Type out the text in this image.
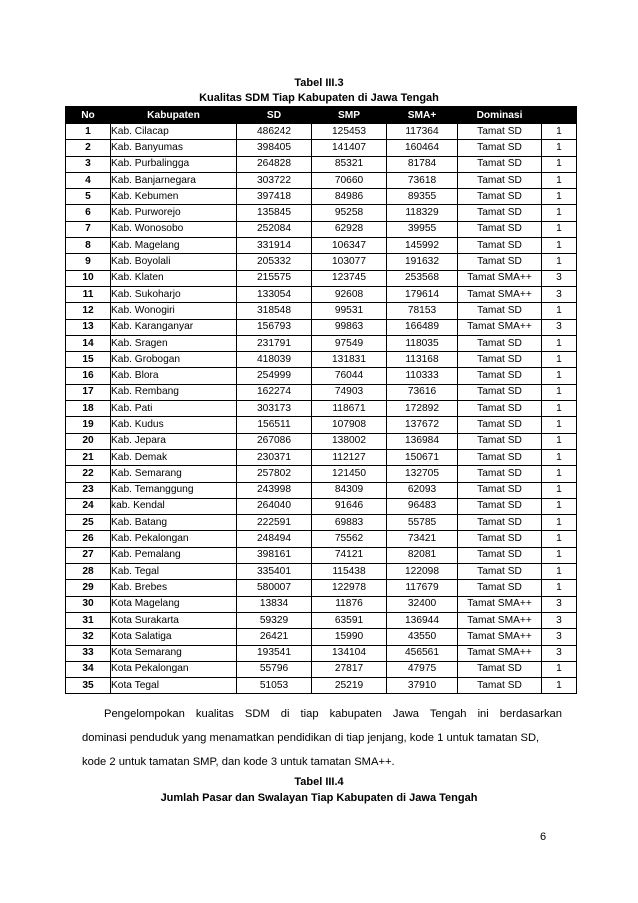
Tabel III.3
Kualitas SDM Tiap Kabupaten di Jawa Tengah
No	Kabupaten	SD	SMP	SMA+	Dominasi	
1	Kab. Cilacap	486242	125453	117364	Tamat SD	1
2	Kab. Banyumas	398405	141407	160464	Tamat SD	1
3	Kab. Purbalingga	264828	85321	81784	Tamat SD	1
4	Kab. Banjarnegara	303722	70660	73618	Tamat SD	1
5	Kab. Kebumen	397418	84986	89355	Tamat SD	1
6	Kab. Purworejo	135845	95258	118329	Tamat SD	1
7	Kab. Wonosobo	252084	62928	39955	Tamat SD	1
8	Kab. Magelang	331914	106347	145992	Tamat SD	1
9	Kab. Boyolali	205332	103077	191632	Tamat SD	1
10	Kab. Klaten	215575	123745	253568	Tamat SMA++	3
11	Kab. Sukoharjo	133054	92608	179614	Tamat SMA++	3
12	Kab. Wonogiri	318548	99531	78153	Tamat SD	1
13	Kab. Karanganyar	156793	99863	166489	Tamat SMA++	3
14	Kab. Sragen	231791	97549	118035	Tamat SD	1
15	Kab. Grobogan	418039	131831	113168	Tamat SD	1
16	Kab. Blora	254999	76044	110333	Tamat SD	1
17	Kab. Rembang	162274	74903	73616	Tamat SD	1
18	Kab. Pati	303173	118671	172892	Tamat SD	1
19	Kab. Kudus	156511	107908	137672	Tamat SD	1
20	Kab. Jepara	267086	138002	136984	Tamat SD	1
21	Kab. Demak	230371	112127	150671	Tamat SD	1
22	Kab. Semarang	257802	121450	132705	Tamat SD	1
23	Kab. Temanggung	243998	84309	62093	Tamat SD	1
24	kab. Kendal	264040	91646	96483	Tamat SD	1
25	Kab. Batang	222591	69883	55785	Tamat SD	1
26	Kab. Pekalongan	248494	75562	73421	Tamat SD	1
27	Kab. Pemalang	398161	74121	82081	Tamat SD	1
28	Kab. Tegal	335401	115438	122098	Tamat SD	1
29	Kab. Brebes	580007	122978	117679	Tamat SD	1
30	Kota Magelang	13834	11876	32400	Tamat SMA++	3
31	Kota Surakarta	59329	63591	136944	Tamat SMA++	3
32	Kota Salatiga	26421	15990	43550	Tamat SMA++	3
33	Kota Semarang	193541	134104	456561	Tamat SMA++	3
34	Kota Pekalongan	55796	27817	47975	Tamat SD	1
35	Kota Tegal	51053	25219	37910	Tamat SD	1

Pengelompokan kualitas SDM di tiap kabupaten Jawa Tengah ini berdasarkan

dominasi penduduk yang menamatkan pendidikan di tiap jenjang, kode 1 untuk tamatan SD,

kode 2 untuk tamatan SMP, dan kode 3 untuk tamatan SMA++.

Tabel III.4
Jumlah Pasar dan Swalayan Tiap Kabupaten di Jawa Tengah
6
